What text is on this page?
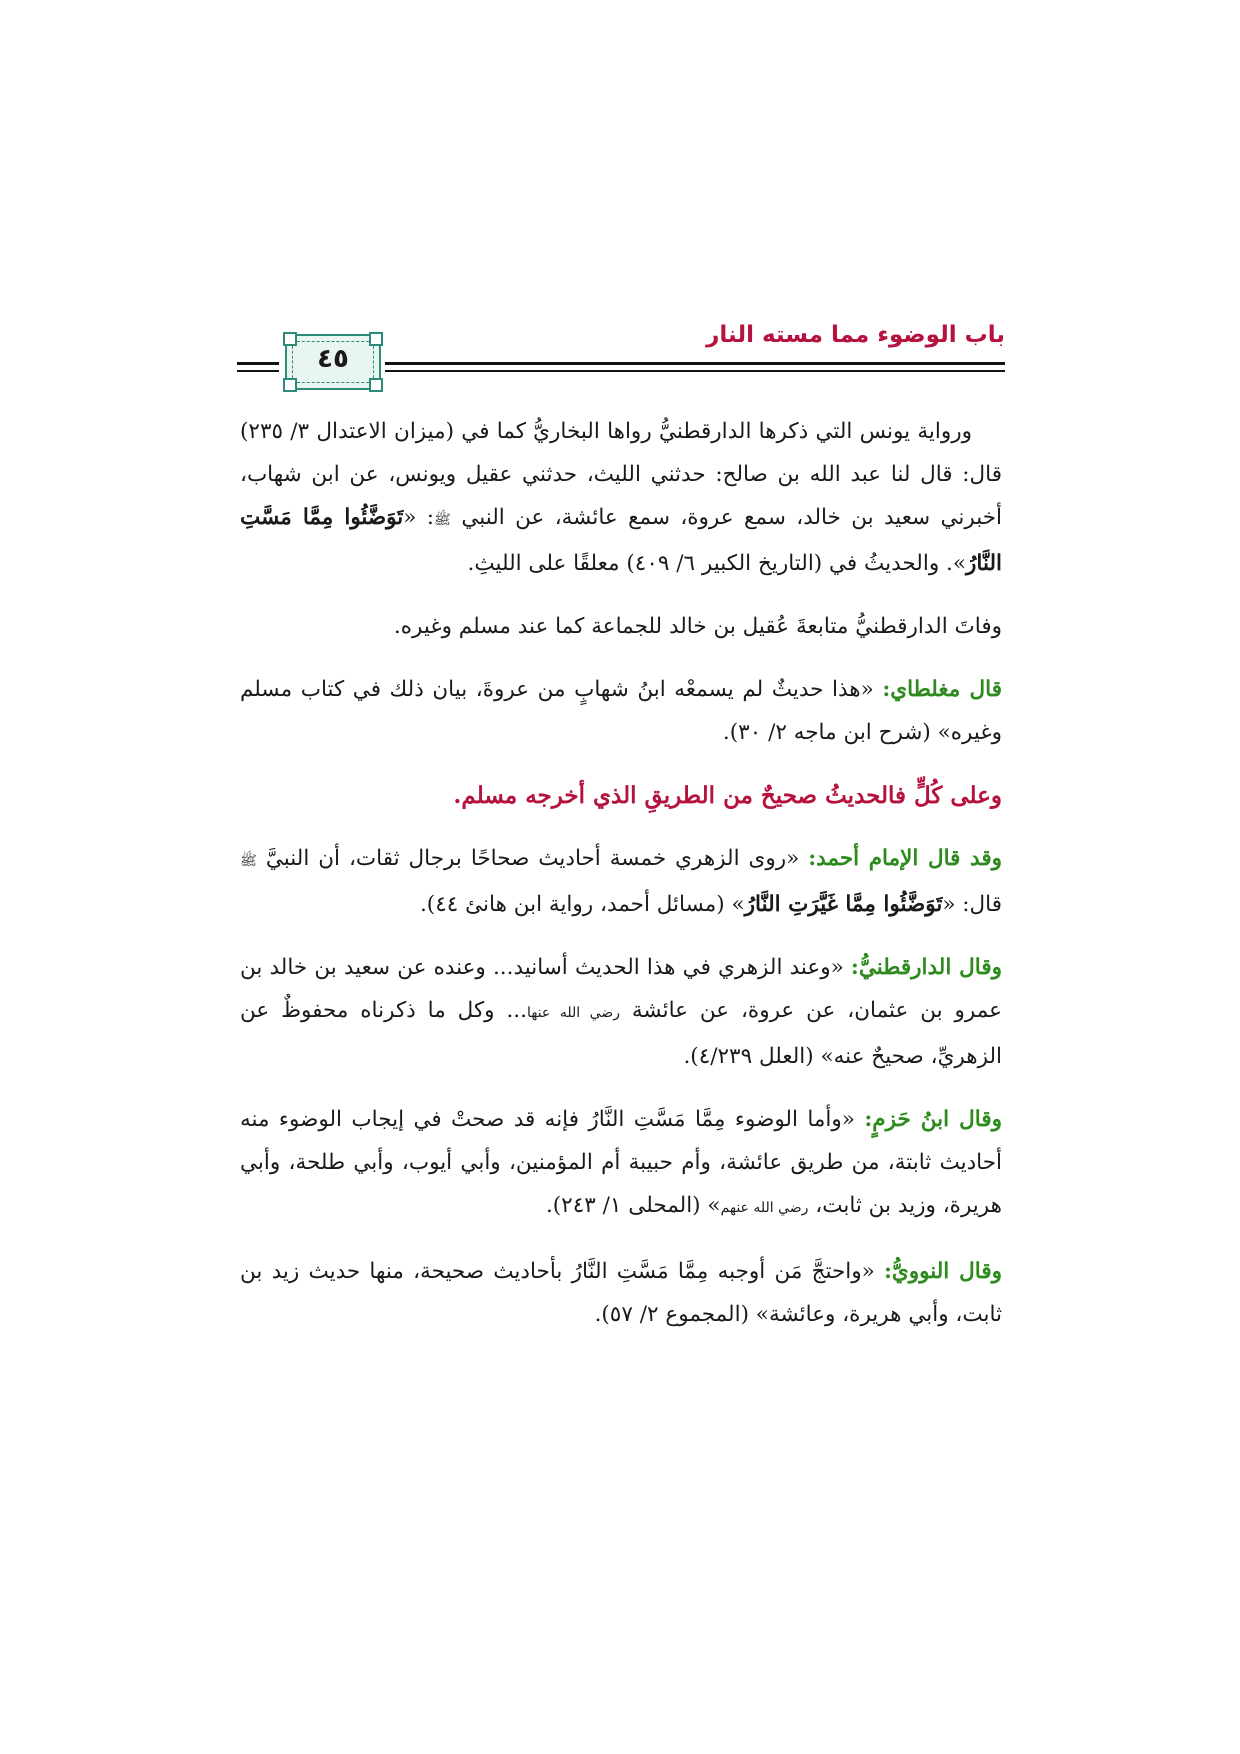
باب الوضوء مما مسته النار
٤٥

ورواية يونس التي ذكرها الدارقطنيُّ رواها البخاريُّ كما في (ميزان الاعتدال ٣/ ٢٣٥) قال: قال لنا عبد الله بن صالح: حدثني الليث، حدثني عقيل ويونس، عن ابن شهاب، أخبرني سعيد بن خالد، سمع عروة، سمع عائشة، عن النبي ﷺ: «تَوَضَّئُوا مِمَّا مَسَّتِ النَّارُ». والحديثُ في (التاريخ الكبير ٦/ ٤٠٩) معلقًا على الليثِ.

وفاتَ الدارقطنيُّ متابعةَ عُقيل بن خالد للجماعة كما عند مسلم وغيره.

قال مغلطاي: «هذا حديثٌ لم يسمعْه ابنُ شهابٍ من عروةَ، بيان ذلك في كتاب مسلم وغيره» (شرح ابن ماجه ٢/ ٣٠).

وعلى كُلٍّ فالحديثُ صحيحٌ من الطريقِ الذي أخرجه مسلم.

وقد قال الإمام أحمد: «روى الزهري خمسة أحاديث صحاحًا برجال ثقات، أن النبيَّ ﷺ قال: «تَوَضَّئُوا مِمَّا غَيَّرَتِ النَّارُ» (مسائل أحمد، رواية ابن هانئ ٤٤).

وقال الدارقطنيُّ: «وعند الزهري في هذا الحديث أسانيد... وعنده عن سعيد بن خالد بن عمرو بن عثمان، عن عروة، عن عائشة رضي الله عنها... وكل ما ذكرناه محفوظٌ عن الزهريِّ، صحيحٌ عنه» (العلل ٤/٢٣٩).

وقال ابنُ حَزمٍ: «وأما الوضوء مِمَّا مَسَّتِ النَّارُ فإنه قد صحتْ في إيجاب الوضوء منه أحاديث ثابتة، من طريق عائشة، وأم حبيبة أم المؤمنين، وأبي أيوب، وأبي طلحة، وأبي هريرة، وزيد بن ثابت، رضي الله عنهم» (المحلى ١/ ٢٤٣).

وقال النوويُّ: «واحتجَّ مَن أوجبه مِمَّا مَسَّتِ النَّارُ بأحاديث صحيحة، منها حديث زيد بن ثابت، وأبي هريرة، وعائشة» (المجموع ٢/ ٥٧).
